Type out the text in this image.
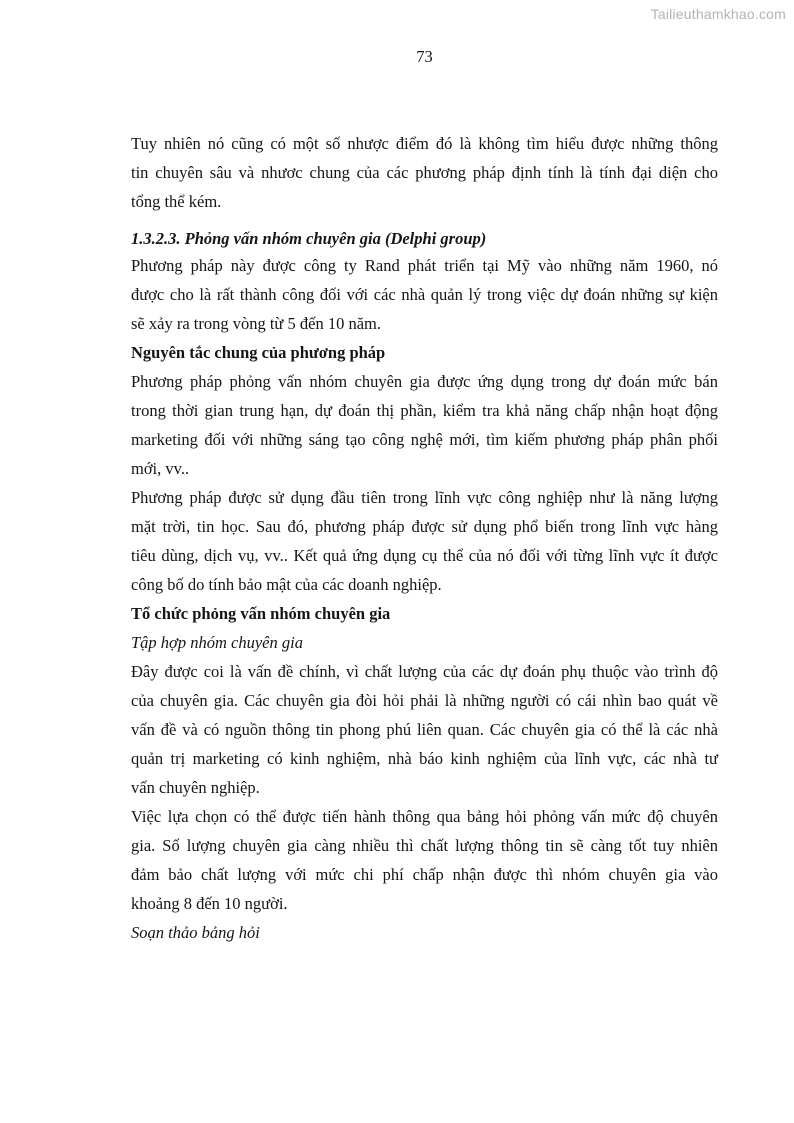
Tailieuthamkhao.com
73
Tuy nhiên nó cũng có một số nhược điểm đó là không tìm hiểu được những thông
tin chuyên sâu và nhươc chung của các phương pháp định tính là tính đại diện cho
tổng thể kém.
1.3.2.3. Phỏng vấn nhóm chuyên gia (Delphi group)
Phương pháp này được công ty Rand phát triển tại Mỹ vào những năm 1960, nó
được cho là rất thành công đối với các nhà quản lý trong việc dự đoán những sự kiện
sẽ xảy ra trong vòng từ 5 đến 10 năm.
Nguyên tắc chung của phương pháp
Phương pháp phỏng vấn nhóm chuyên gia được ứng dụng trong dự đoán mức bán
trong thời gian trung hạn, dự đoán thị phần, kiểm tra khả năng chấp nhận hoạt động
marketing đối với những sáng tạo công nghệ mới, tìm kiếm phương pháp phân phối
mới, vv..
Phương pháp được sử dụng đầu tiên trong lĩnh vực công nghiệp như là năng lượng
mặt trời, tin học. Sau đó, phương pháp được sử dụng phổ biến trong lĩnh vực hàng
tiêu dùng, dịch vụ, vv.. Kết quả ứng dụng cụ thể của nó đối với từng lĩnh vực ít được
công bố do tính bảo mật của các doanh nghiệp.
Tổ chức phỏng vấn nhóm chuyên gia
Tập hợp nhóm chuyên gia
Đây được coi là vấn đề chính, vì chất lượng của các dự đoán phụ thuộc vào trình độ
của chuyên gia. Các chuyên gia đòi hỏi phải là những người có cái nhìn bao quát về
vấn đề và có nguồn thông tin phong phú liên quan. Các chuyên gia có thể là các nhà
quản trị marketing có kinh nghiệm, nhà báo kinh nghiệm của lĩnh vực, các nhà tư
vấn chuyên nghiệp.
Việc lựa chọn có thể được tiến hành thông qua bảng hỏi phỏng vấn mức độ chuyên
gia. Số lượng chuyên gia càng nhiều thì chất lượng thông tin sẽ càng tốt tuy nhiên
đảm bảo chất lượng với mức chi phí chấp nhận được thì nhóm chuyên gia vào
khoảng 8 đến 10 người.
Soạn thảo bảng hỏi
